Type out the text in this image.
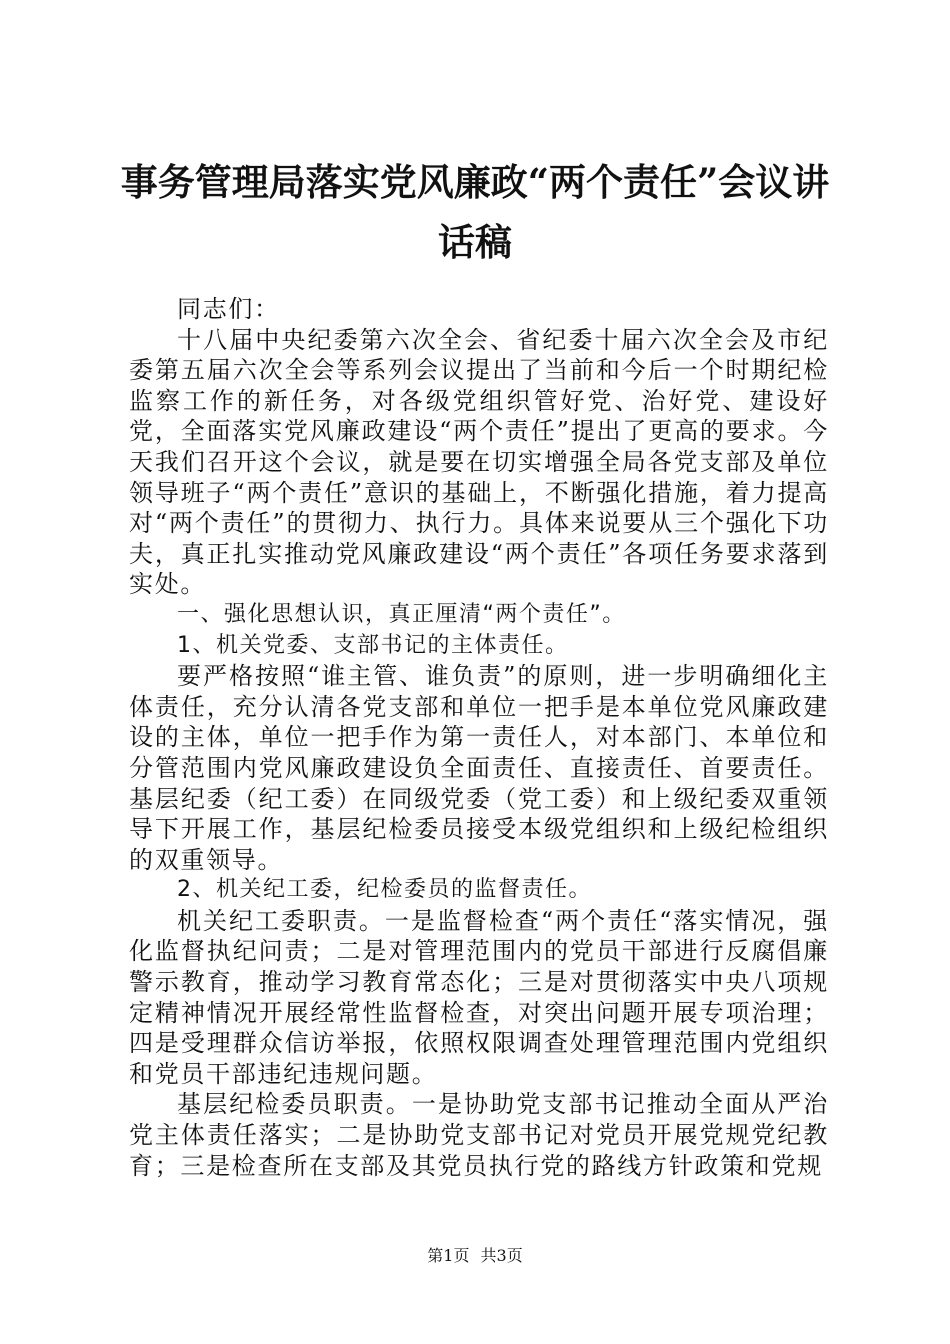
事务管理局落实党风廉政“两个责任”会议讲
话稿

同志们：

十八届中央纪委第六次全会、省纪委十届六次全会及市纪委第五届六次全会等系列会议提出了当前和今后一个时期纪检监察工作的新任务，对各级党组织管好党、治好党、建设好党，全面落实党风廉政建设“两个责任”提出了更高的要求。今天我们召开这个会议，就是要在切实增强全局各党支部及单位领导班子“两个责任”意识的基础上，不断强化措施，着力提高对“两个责任”的贯彻力、执行力。具体来说要从三个强化下功夫，真正扎实推动党风廉政建设“两个责任”各项任务要求落到实处。

一、强化思想认识，真正厘清“两个责任”。

1、机关党委、支部书记的主体责任。

要严格按照“谁主管、谁负责”的原则，进一步明确细化主体责任，充分认清各党支部和单位一把手是本单位党风廉政建设的主体，单位一把手作为第一责任人，对本部门、本单位和分管范围内党风廉政建设负全面责任、直接责任、首要责任。基层纪委（纪工委）在同级党委（党工委）和上级纪委双重领导下开展工作，基层纪检委员接受本级党组织和上级纪检组织的双重领导。

2、机关纪工委，纪检委员的监督责任。

机关纪工委职责。一是监督检查“两个责任“落实情况，强化监督执纪问责；二是对管理范围内的党员干部进行反腐倡廉警示教育，推动学习教育常态化；三是对贯彻落实中央八项规定精神情况开展经常性监督检查，对突出问题开展专项治理；四是受理群众信访举报，依照权限调查处理管理范围内党组织和党员干部违纪违规问题。

基层纪检委员职责。一是协助党支部书记推动全面从严治党主体责任落实；二是协助党支部书记对党员开展党规党纪教育；三是检查所在支部及其党员执行党的路线方针政策和党规

第1页 共3页
